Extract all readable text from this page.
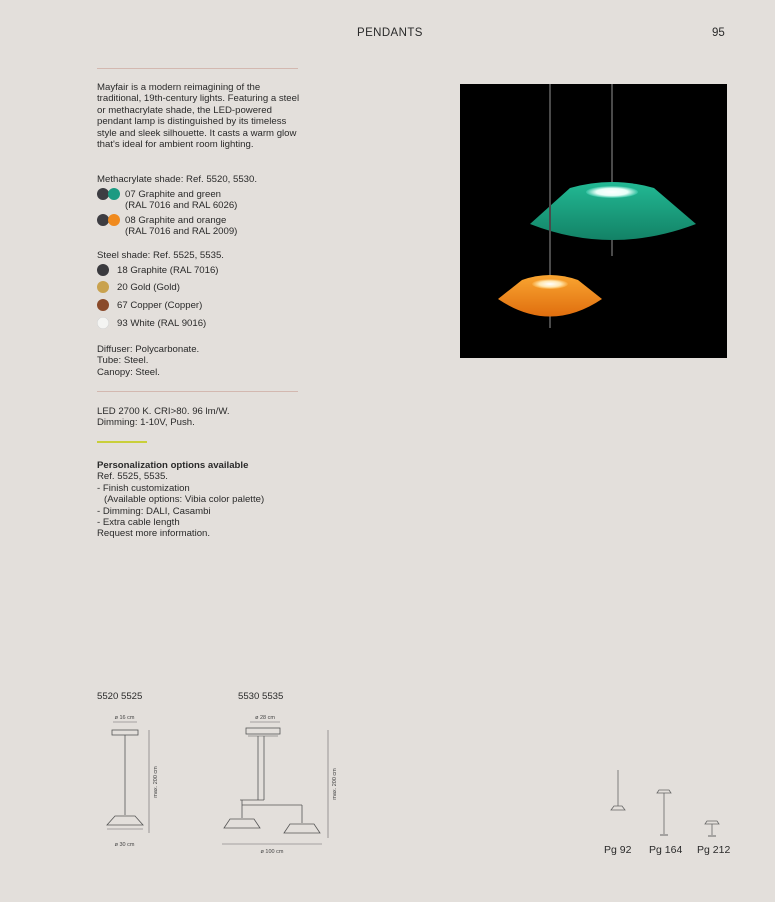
PENDANTS	95
Mayfair is a modern reimagining of the traditional, 19th-century lights. Featuring a steel or methacrylate shade, the LED-powered pendant lamp is distinguished by its timeless style and sleek silhouette. It casts a warm glow that's ideal for ambient room lighting.
Methacrylate shade: Ref. 5520, 5530.
07 Graphite and green
(RAL 7016 and RAL 6026)
08 Graphite and orange
(RAL 7016 and RAL 2009)
Steel shade: Ref. 5525, 5535.
18 Graphite (RAL 7016)
20 Gold (Gold)
67 Copper (Copper)
93 White (RAL 9016)
Diffuser: Polycarbonate.
Tube: Steel.
Canopy: Steel.
LED 2700 K. CRI>80. 96 lm/W.
Dimming: 1-10V, Push.
Personalization options available
Ref. 5525, 5535.
- Finish customization
(Available options: Vibia color palette)
- Dimming: DALI, Casambi
- Extra cable length
Request more information.
5520 5525	5530 5535
ø 16 cm
ø 30 cm
max. 200 cm
ø 28 cm
ø 100 cm
max. 200 cm
Pg 92 Pg 164 Pg 212
